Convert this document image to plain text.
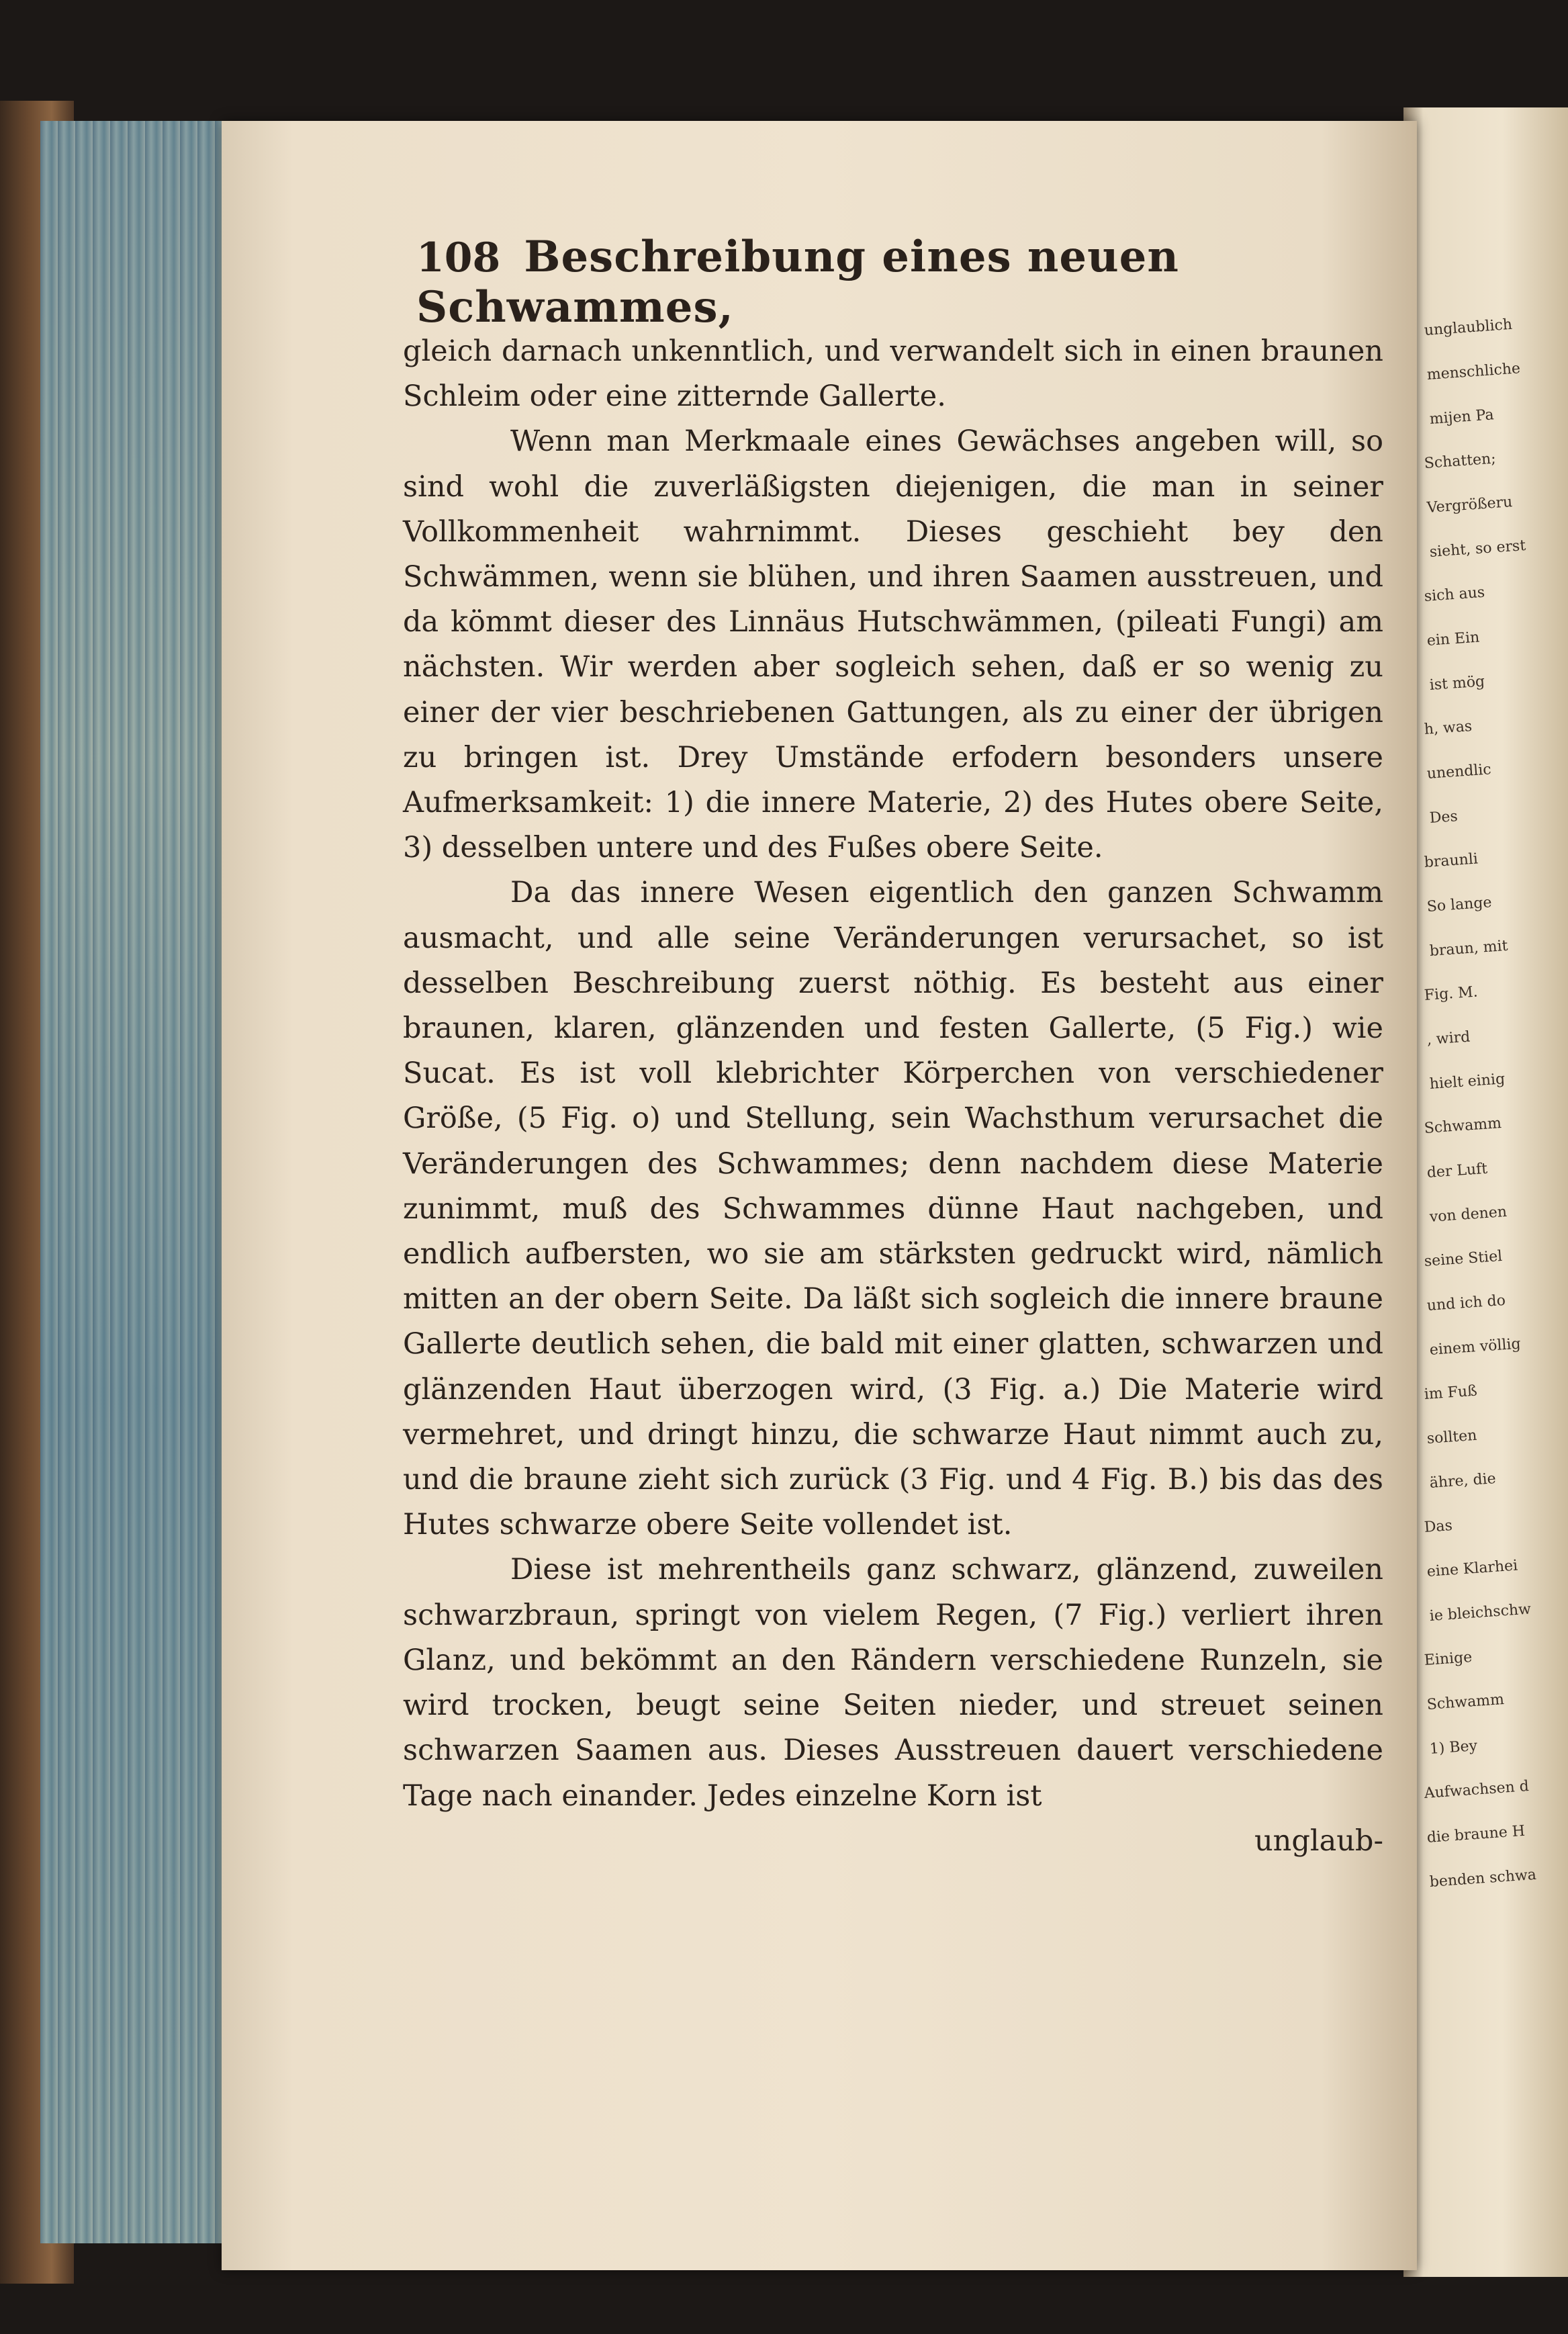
unglaublich
menschliche
mijen Pa
Schatten;
Vergrößeru
sieht, so erst
sich aus
ein Ein
ist mög
h, was
unendlic
Des
braunli
So lange
braun, mit
Fig. M.
, wird
hielt einig
Schwamm
der Luft
von denen
seine Stiel
und ich do
einem völlig
im Fuß
sollten
ähre, die
Das
eine Klarhei
ie bleichschw
Einige
Schwamm
1) Bey
Aufwachsen d
die braune H
benden schwa
108 Beschreibung eines neuen Schwammes,

gleich darnach unkenntlich, und verwandelt sich in einen braunen Schleim oder eine zitternde Gallerte.

Wenn man Merkmaale eines Gewächses angeben will, so sind wohl die zuverläßigsten diejenigen, die man in seiner Vollkommenheit wahrnimmt. Dieses geschieht bey den Schwämmen, wenn sie blühen, und ihren Saamen ausstreuen, und da kömmt dieser des Linnäus Hutschwämmen, (pileati Fungi) am nächsten. Wir werden aber sogleich sehen, daß er so wenig zu einer der vier beschriebenen Gattungen, als zu einer der übrigen zu bringen ist. Drey Umstände erfodern besonders unsere Aufmerksamkeit: 1) die innere Materie, 2) des Hutes obere Seite, 3) desselben untere und des Fußes obere Seite.

Da das innere Wesen eigentlich den ganzen Schwamm ausmacht, und alle seine Veränderungen verursachet, so ist desselben Beschreibung zuerst nöthig. Es besteht aus einer braunen, klaren, glänzenden und festen Gallerte, (5 Fig.) wie Sucat. Es ist voll klebrichter Körperchen von verschiedener Größe, (5 Fig. o) und Stellung, sein Wachsthum verursachet die Veränderungen des Schwammes; denn nachdem diese Materie zunimmt, muß des Schwammes dünne Haut nachgeben, und endlich aufbersten, wo sie am stärksten gedruckt wird, nämlich mitten an der obern Seite. Da läßt sich sogleich die innere braune Gallerte deutlich sehen, die bald mit einer glatten, schwarzen und glänzenden Haut überzogen wird, (3 Fig. a.) Die Materie wird vermehret, und dringt hinzu, die schwarze Haut nimmt auch zu, und die braune zieht sich zurück (3 Fig. und 4 Fig. B.) bis das des Hutes schwarze obere Seite vollendet ist.

Diese ist mehrentheils ganz schwarz, glänzend, zuweilen schwarzbraun, springt von vielem Regen, (7 Fig.) verliert ihren Glanz, und bekömmt an den Rändern verschiedene Runzeln, sie wird trocken, beugt seine Seiten nieder, und streuet seinen schwarzen Saamen aus. Dieses Ausstreuen dauert verschiedene Tage nach einander. Jedes einzelne Korn ist

unglaub-
